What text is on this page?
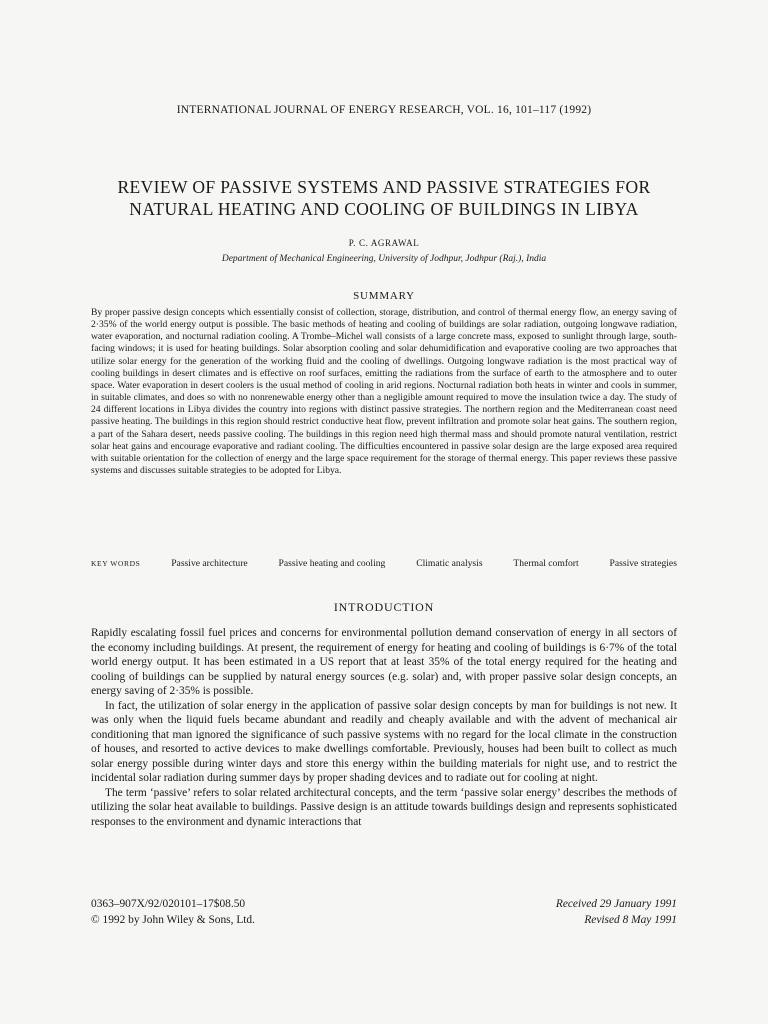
INTERNATIONAL JOURNAL OF ENERGY RESEARCH, VOL. 16, 101–117 (1992)
REVIEW OF PASSIVE SYSTEMS AND PASSIVE STRATEGIES FOR
NATURAL HEATING AND COOLING OF BUILDINGS IN LIBYA
P. C. AGRAWAL
Department of Mechanical Engineering, University of Jodhpur, Jodhpur (Raj.), India
SUMMARY

By proper passive design concepts which essentially consist of collection, storage, distribution, and control of thermal energy flow, an energy saving of 2·35% of the world energy output is possible. The basic methods of heating and cooling of buildings are solar radiation, outgoing longwave radiation, water evaporation, and nocturnal radiation cooling. A Trombe–Michel wall consists of a large concrete mass, exposed to sunlight through large, south-facing windows; it is used for heating buildings. Solar absorption cooling and solar dehumidification and evaporative cooling are two approaches that utilize solar energy for the generation of the working fluid and the cooling of dwellings. Outgoing longwave radiation is the most practical way of cooling buildings in desert climates and is effective on roof surfaces, emitting the radiations from the surface of earth to the atmosphere and to outer space. Water evaporation in desert coolers is the usual method of cooling in arid regions. Nocturnal radiation both heats in winter and cools in summer, in suitable climates, and does so with no nonrenewable energy other than a negligible amount required to move the insulation twice a day. The study of 24 different locations in Libya divides the country into regions with distinct passive strategies. The northern region and the Mediterranean coast need passive heating. The buildings in this region should restrict conductive heat flow, prevent infiltration and promote solar heat gains. The southern region, a part of the Sahara desert, needs passive cooling. The buildings in this region need high thermal mass and should promote natural ventilation, restrict solar heat gains and encourage evaporative and radiant cooling. The difficulties encountered in passive solar design are the large exposed area required with suitable orientation for the collection of energy and the large space requirement for the storage of thermal energy. This paper reviews these passive systems and discusses suitable strategies to be adopted for Libya.

KEY WORDS	Passive architecture	Passive heating and cooling	Climatic analysis	Thermal comfort	Passive strategies
INTRODUCTION

Rapidly escalating fossil fuel prices and concerns for environmental pollution demand conservation of energy in all sectors of the economy including buildings. At present, the requirement of energy for heating and cooling of buildings is 6·7% of the total world energy output. It has been estimated in a US report that at least 35% of the total energy required for the heating and cooling of buildings can be supplied by natural energy sources (e.g. solar) and, with proper passive solar design concepts, an energy saving of 2·35% is possible.

In fact, the utilization of solar energy in the application of passive solar design concepts by man for buildings is not new. It was only when the liquid fuels became abundant and readily and cheaply available and with the advent of mechanical air conditioning that man ignored the significance of such passive systems with no regard for the local climate in the construction of houses, and resorted to active devices to make dwellings comfortable. Previously, houses had been built to collect as much solar energy possible during winter days and store this energy within the building materials for night use, and to restrict the incidental solar radiation during summer days by proper shading devices and to radiate out for cooling at night.

The term ‘passive’ refers to solar related architectural concepts, and the term ‘passive solar energy’ describes the methods of utilizing the solar heat available to buildings. Passive design is an attitude towards buildings design and represents sophisticated responses to the environment and dynamic interactions that

0363–907X/92/020101–17$08.50
© 1992 by John Wiley & Sons, Ltd.
Received 29 January 1991
Revised 8 May 1991
